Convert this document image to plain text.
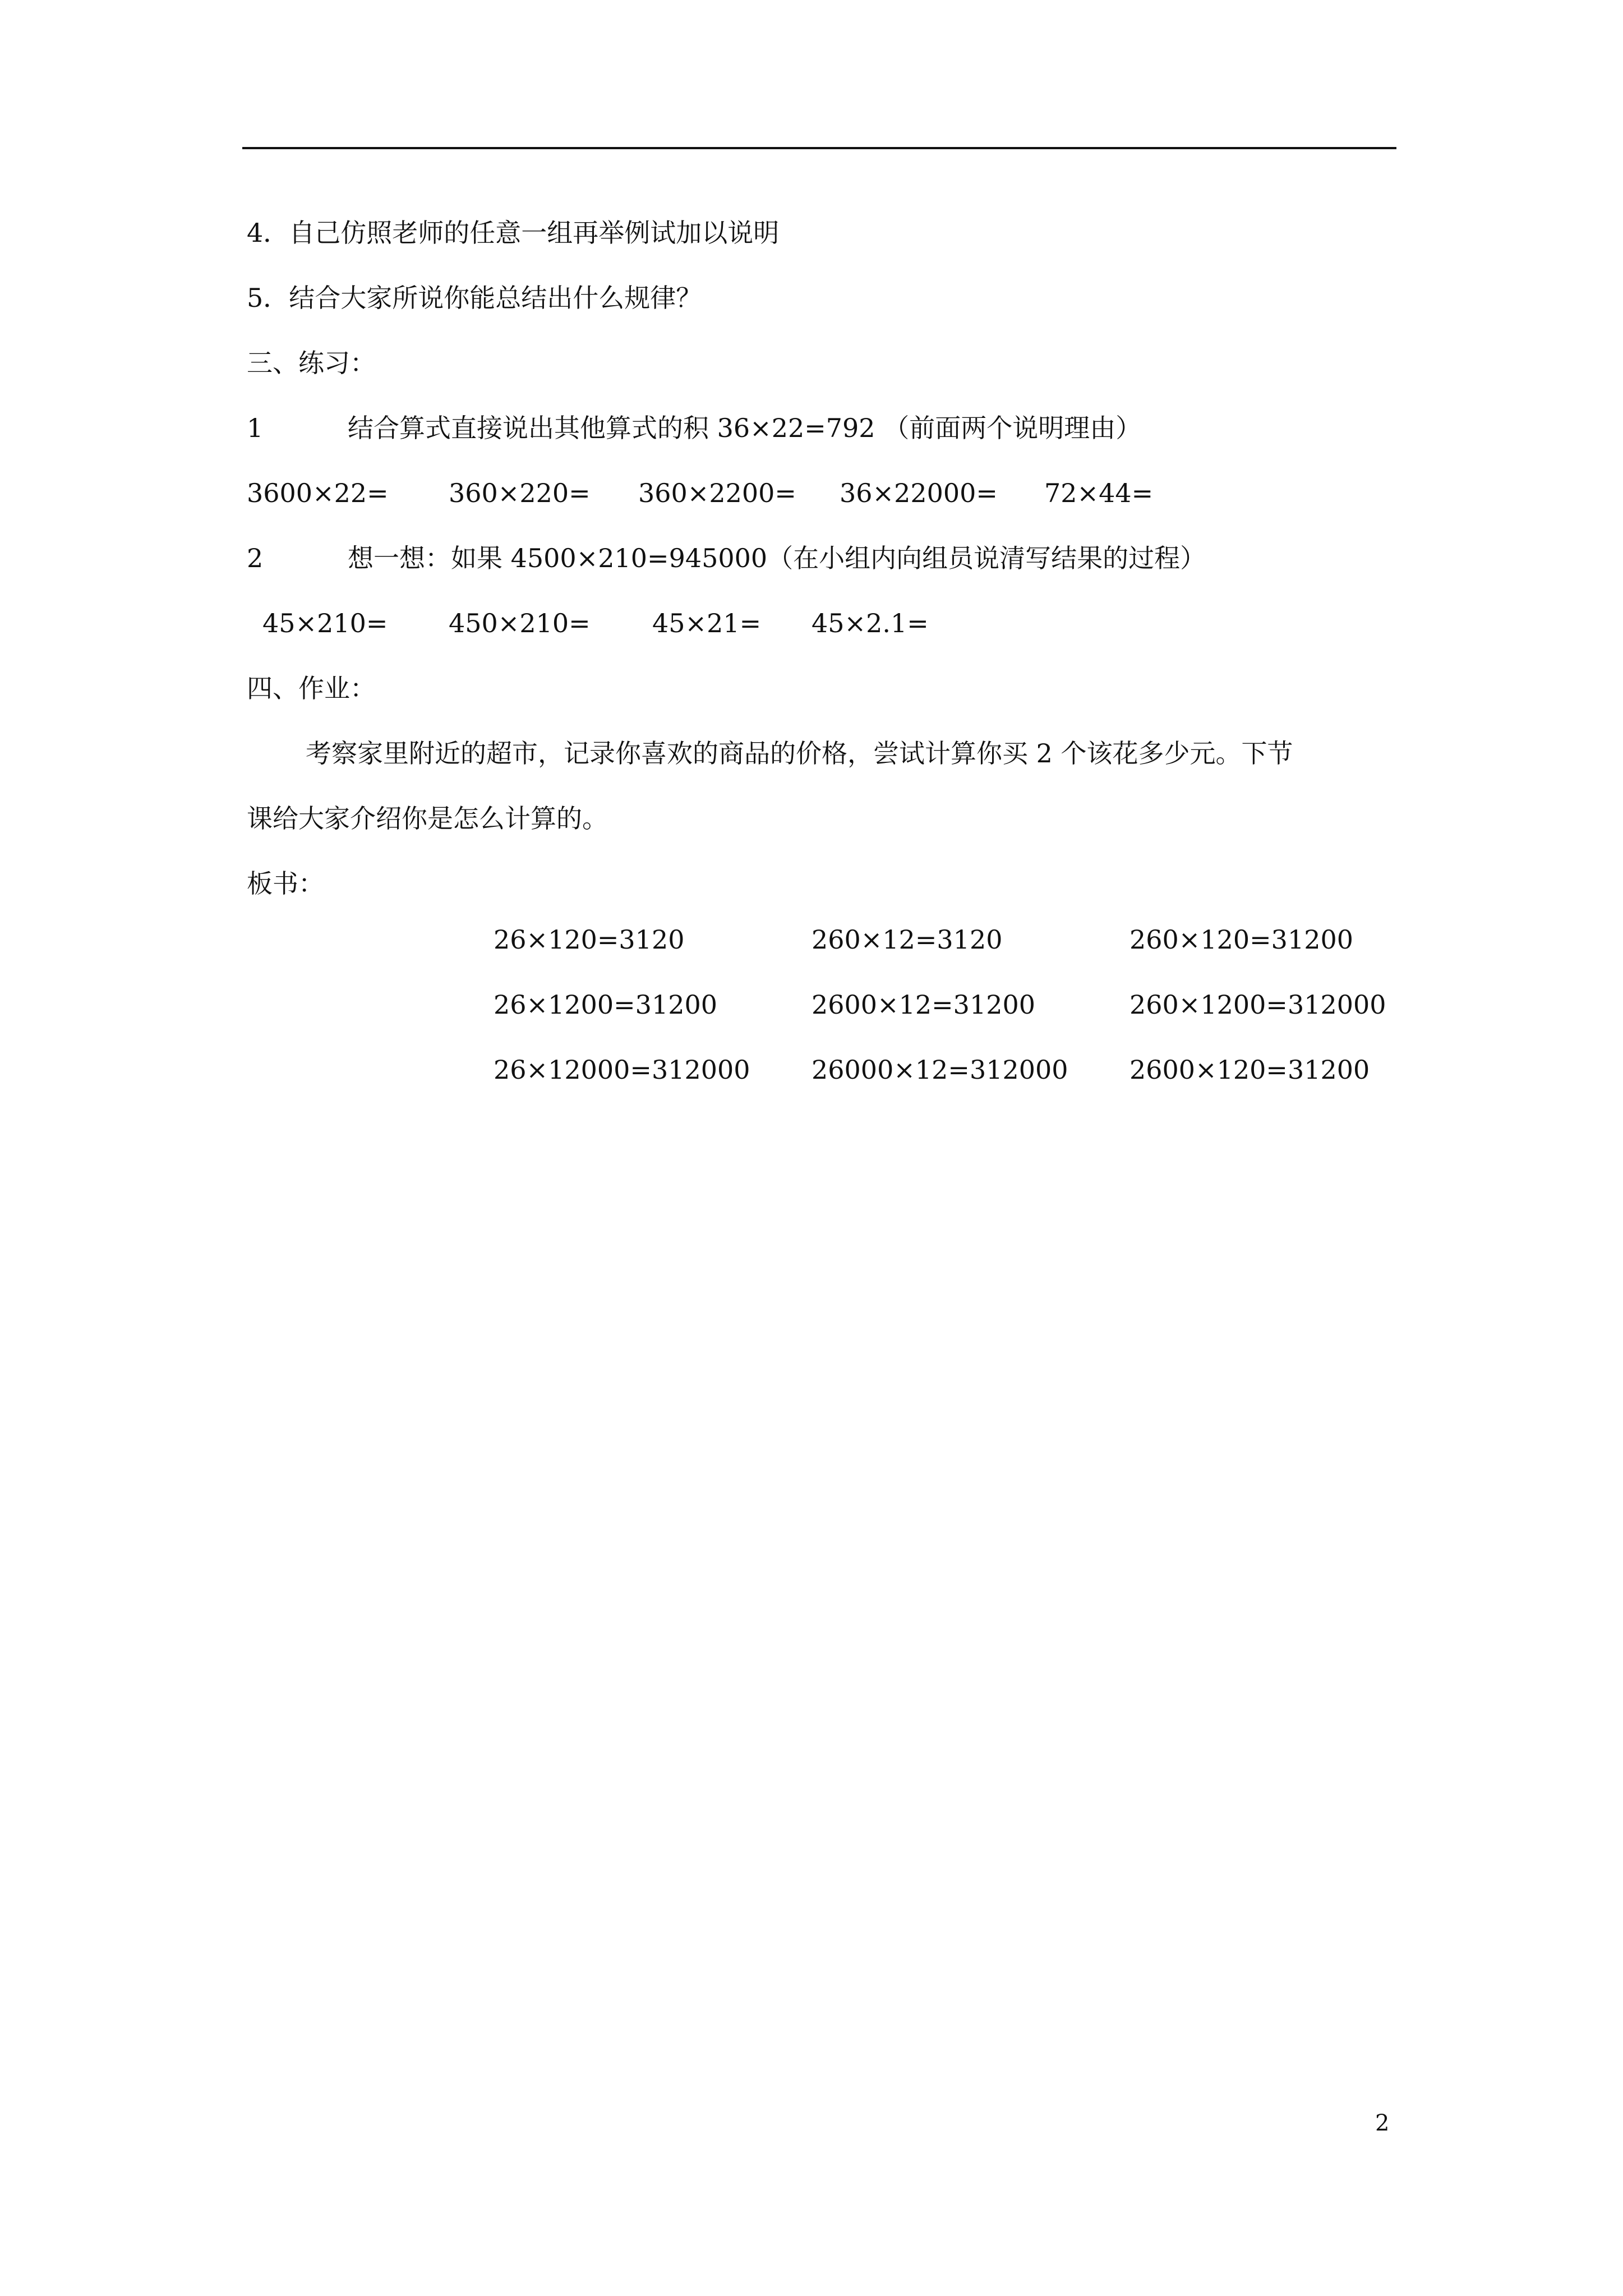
4．自己仿照老师的任意一组再举例试加以说明
5．结合大家所说你能总结出什么规律？
三、练习：
1	结合算式直接说出其他算式的积 36×22=792 （前面两个说明理由）
3600×22= 360×220= 360×2200= 36×22000= 72×44=
2	想一想：如果 4500×210=945000（在小组内向组员说清写结果的过程）
45×210= 450×210= 45×21= 45×2.1=
四、作业：
考察家里附近的超市，记录你喜欢的商品的价格，尝试计算你买 2 个该花多少元。下节
课给大家介绍你是怎么计算的。
板书：
26×120=3120	260×12=3120	260×120=31200
26×1200=31200	2600×12=31200	260×1200=312000
26×12000=312000 26000×12=312000 2600×120=31200
2
